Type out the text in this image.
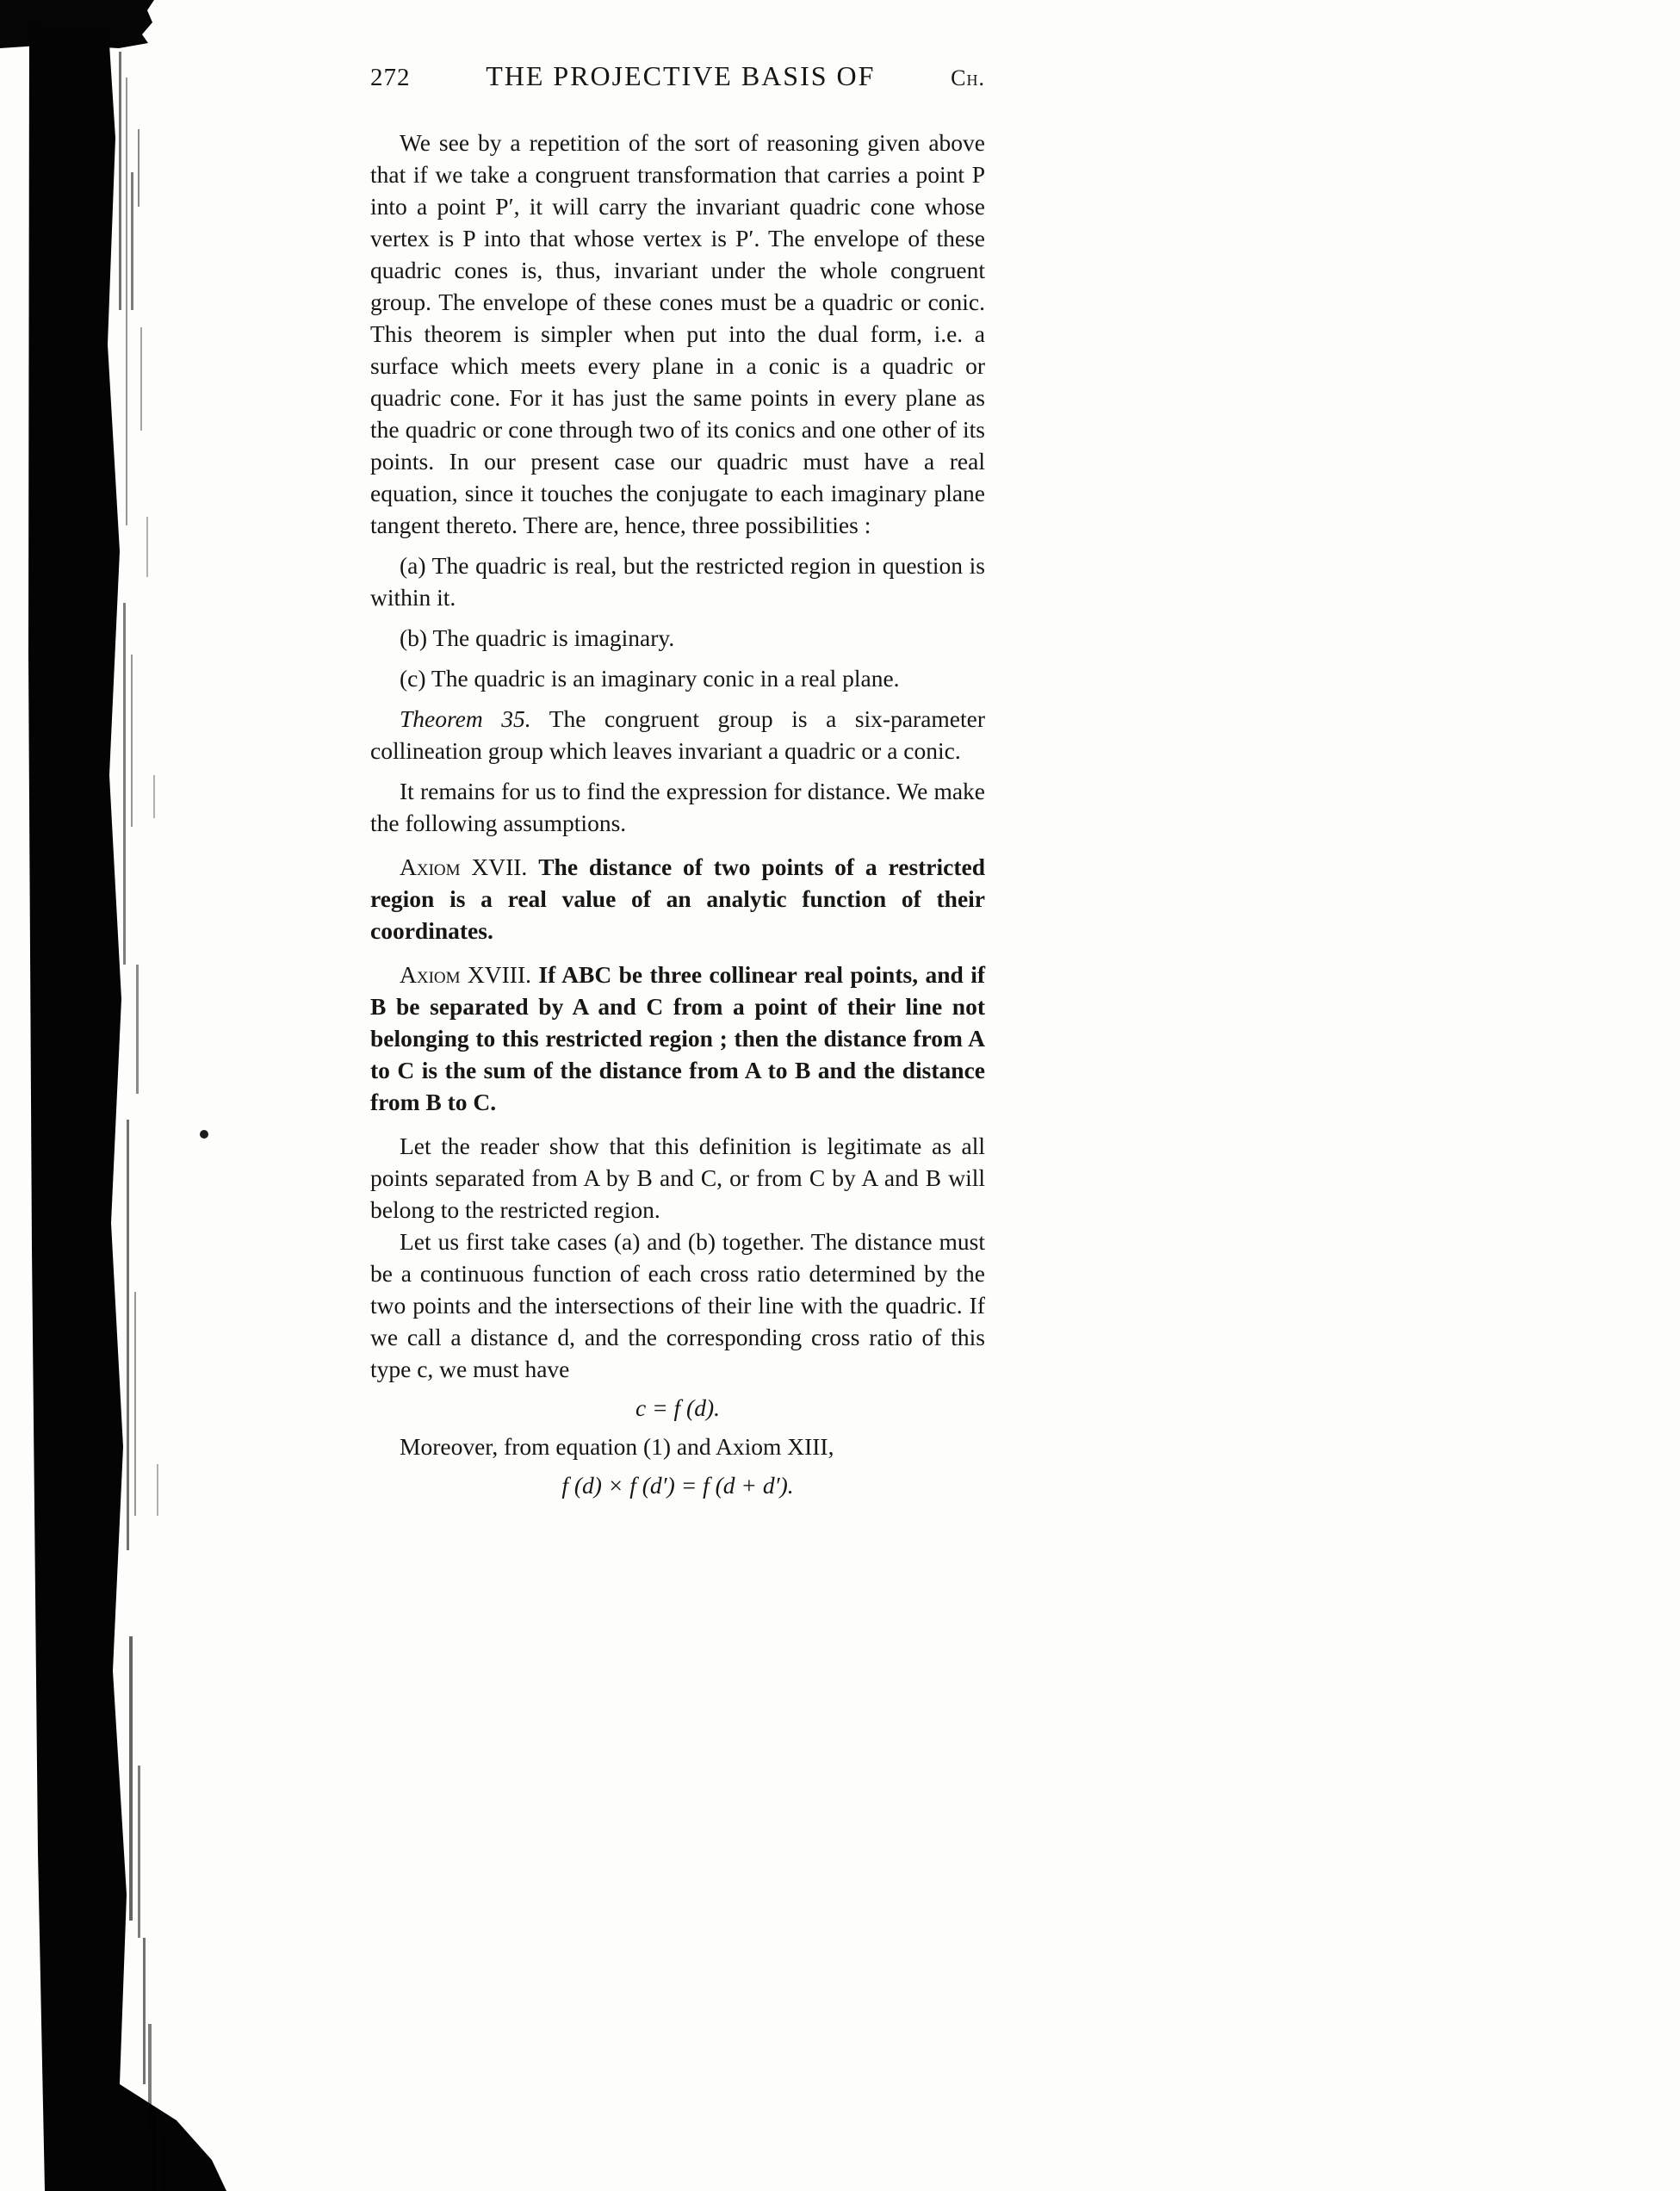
272	THE PROJECTIVE BASIS OF	Ch.

We see by a repetition of the sort of reasoning given above that if we take a congruent transformation that carries a point P into a point P′, it will carry the invariant quadric cone whose vertex is P into that whose vertex is P′. The envelope of these quadric cones is, thus, invariant under the whole congruent group. The envelope of these cones must be a quadric or conic. This theorem is simpler when put into the dual form, i.e. a surface which meets every plane in a conic is a quadric or quadric cone. For it has just the same points in every plane as the quadric or cone through two of its conics and one other of its points. In our present case our quadric must have a real equation, since it touches the conjugate to each imaginary plane tangent thereto. There are, hence, three possibilities :

(a) The quadric is real, but the restricted region in question is within it.

(b) The quadric is imaginary.

(c) The quadric is an imaginary conic in a real plane.

Theorem 35. The congruent group is a six-parameter collineation group which leaves invariant a quadric or a conic.

It remains for us to find the expression for distance. We make the following assumptions.

Axiom XVII. The distance of two points of a restricted region is a real value of an analytic function of their coordinates.

Axiom XVIII. If ABC be three collinear real points, and if B be separated by A and C from a point of their line not belonging to this restricted region ; then the distance from A to C is the sum of the distance from A to B and the distance from B to C.

Let the reader show that this definition is legitimate as all points separated from A by B and C, or from C by A and B will belong to the restricted region.

Let us first take cases (a) and (b) together. The distance must be a continuous function of each cross ratio determined by the two points and the intersections of their line with the quadric. If we call a distance d, and the corresponding cross ratio of this type c, we must have

c = f (d).

Moreover, from equation (1) and Axiom XIII,

f (d) × f (d′) = f (d + d′).
